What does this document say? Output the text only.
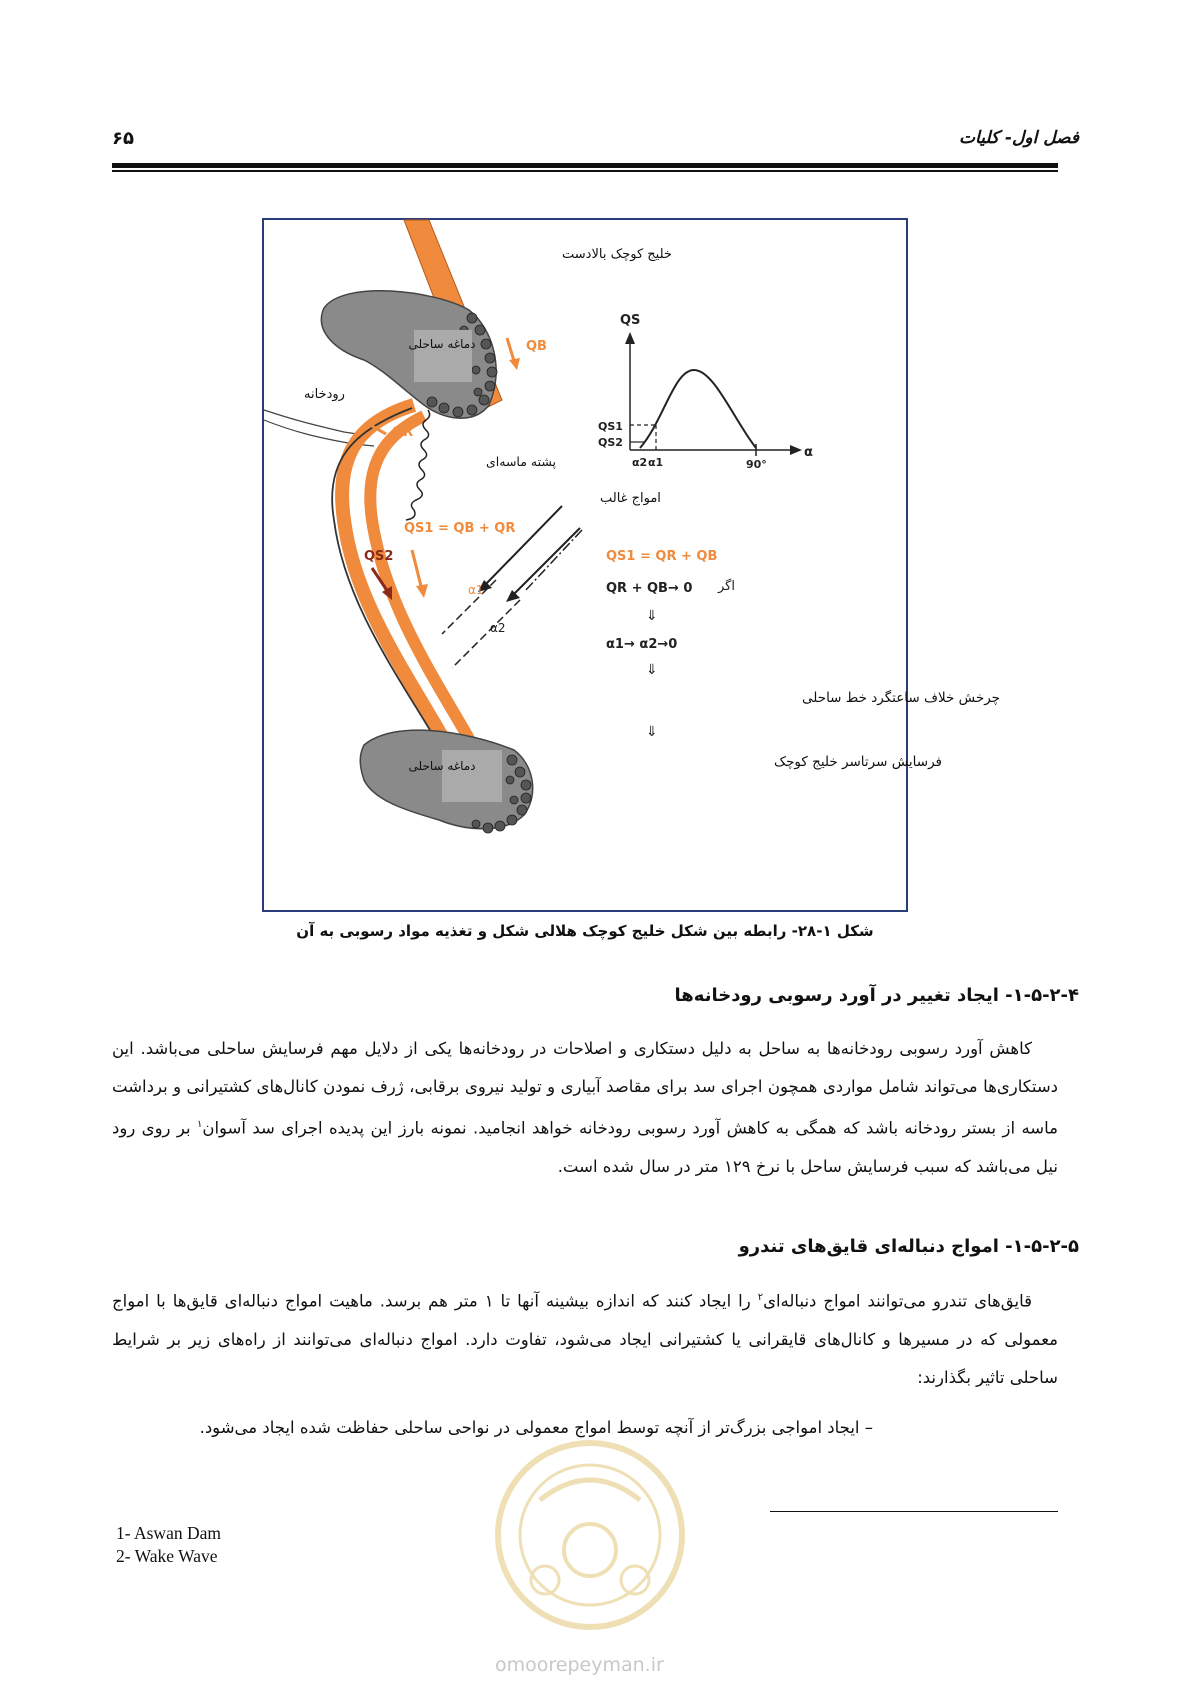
فصل اول- کلیات
۶۵
خلیج کوچک بالادست
دماغه ساحلی
رودخانه
پشته ماسه‌ای
امواج غالب
QB
QR
QS2
QS1 = QB + QR
α1
α2
دماغه ساحلی
QS
α
QS1
QS2
α2 α1	90°
QS1 = QR + QB
QR + QB→ 0 اگر
⇓
α1→ α2→0
⇓
چرخش خلاف ساعتگرد خط ساحلی
⇓
فرسایش سرتاسر خلیج کوچک
شکل ۱-۲۸- رابطه بین شکل خلیج کوچک هلالی شکل و تغذیه مواد رسوبی به آن
۱-۵-۲-۴- ایجاد تغییر در آورد رسوبی رودخانه‌ها

کاهش آورد رسوبی رودخانه‌ها به ساحل به دلیل دستکاری و اصلاحات در رودخانه‌ها یکی از دلایل مهم فرسایش ساحلی می‌باشد. این دستکاری‌ها می‌تواند شامل مواردی همچون اجرای سد برای مقاصد آبیاری و تولید نیروی برقابی، ژرف نمودن کانال‌های کشتیرانی و برداشت ماسه از بستر رودخانه باشد که همگی به کاهش آورد رسوبی رودخانه خواهد انجامید. نمونه بارز این پدیده اجرای سد آسوان$^۱$ بر روی رود نیل می‌باشد که سبب فرسایش ساحل با نرخ ۱۲۹ متر در سال شده است.

۱-۵-۲-۵- امواج دنباله‌ای قایق‌های تندرو

قایق‌های تندرو می‌توانند امواج دنباله‌ای$^۲$ را ایجاد کنند که اندازه بیشینه آنها تا ۱ متر هم برسد. ماهیت امواج دنباله‌ای قایق‌ها با امواج معمولی که در مسیرها و کانال‌های قایقرانی یا کشتیرانی ایجاد می‌شود، تفاوت دارد. امواج دنباله‌ای می‌توانند از راه‌های زیر بر شرایط ساحلی تاثیر بگذارند:

– ایجاد امواجی بزرگ‌تر از آنچه توسط امواج معمولی در نواحی ساحلی حفاظت شده ایجاد می‌شود.
1- Aswan Dam
2- Wake Wave
omoorepeyman.ir
